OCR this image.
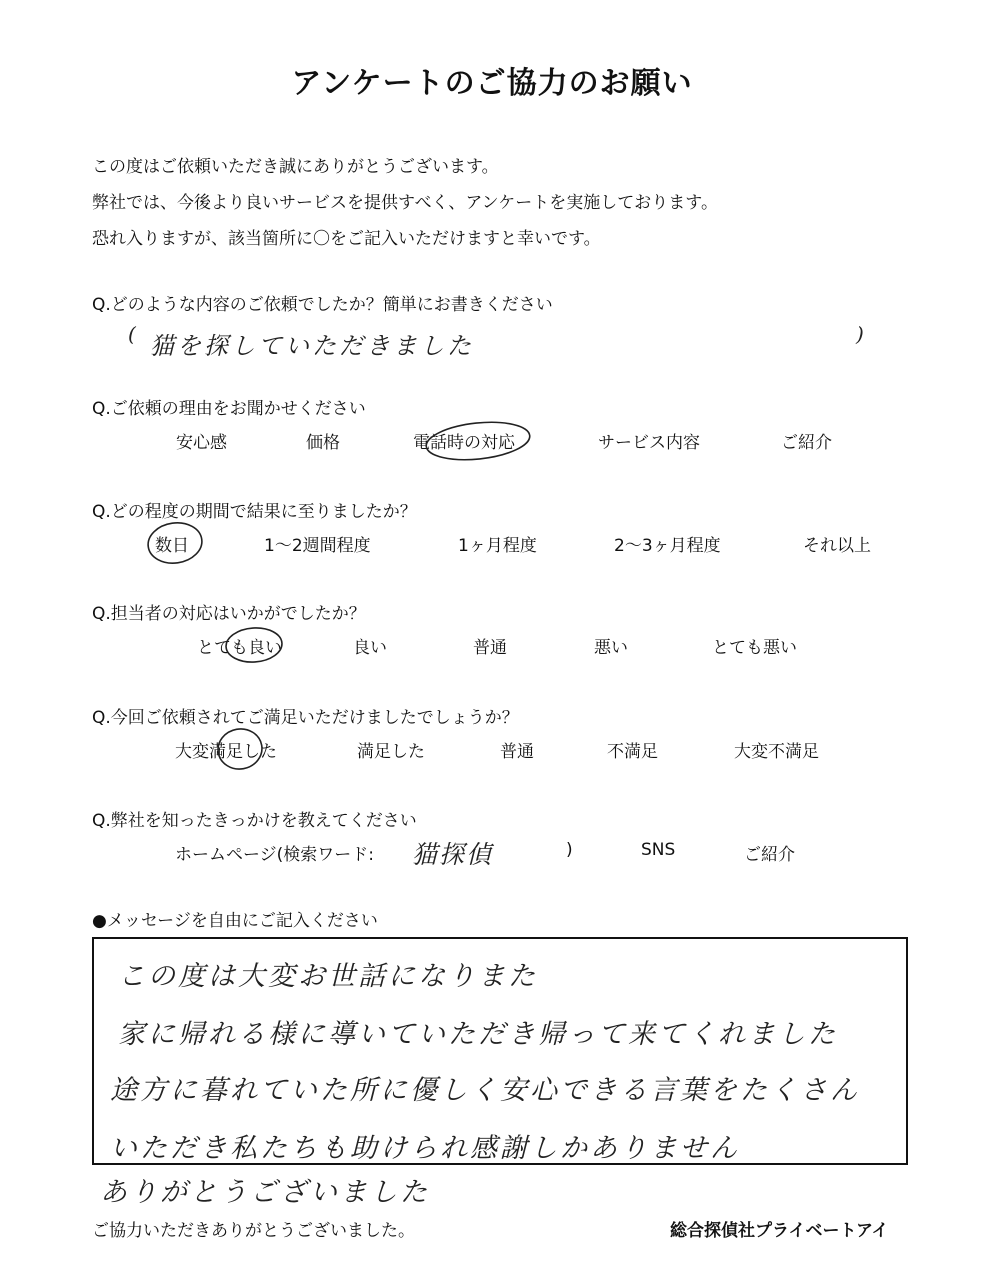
アンケートのご協力のお願い
この度はご依頼いただき誠にありがとうございます。
弊社では、今後より良いサービスを提供すべく、アンケートを実施しております。
恐れ入りますが、該当箇所に〇をご記入いただけますと幸いです。
Q.どのような内容のご依頼でしたか？簡単にお書きください
( 猫を探していただきました	)
Q.ご依頼の理由をお聞かせください
安心感	価格	電話時の対応	サービス内容	ご紹介
Q.どの程度の期間で結果に至りましたか？
数日	1～2週間程度	1ヶ月程度	2～3ヶ月程度	それ以上
Q.担当者の対応はいかがでしたか？
とても良い	良い	普通	悪い	とても悪い
Q.今回ご依頼されてご満足いただけましたでしょうか？
大変満足した	満足した	普通	不満足	大変不満足
Q.弊社を知ったきっかけを教えてください
ホームページ(検索ワード: 猫探偵	)	SNS	ご紹介
●メッセージを自由にご記入ください
この度は大変お世話になりまた
家に帰れる様に導いていただき帰って来てくれました
途方に暮れていた所に優しく安心できる言葉をたくさん
いただき私たちも助けられ感謝しかありません
ありがとうございました
ご協力いただきありがとうございました。	総合探偵社プライベートアイ
